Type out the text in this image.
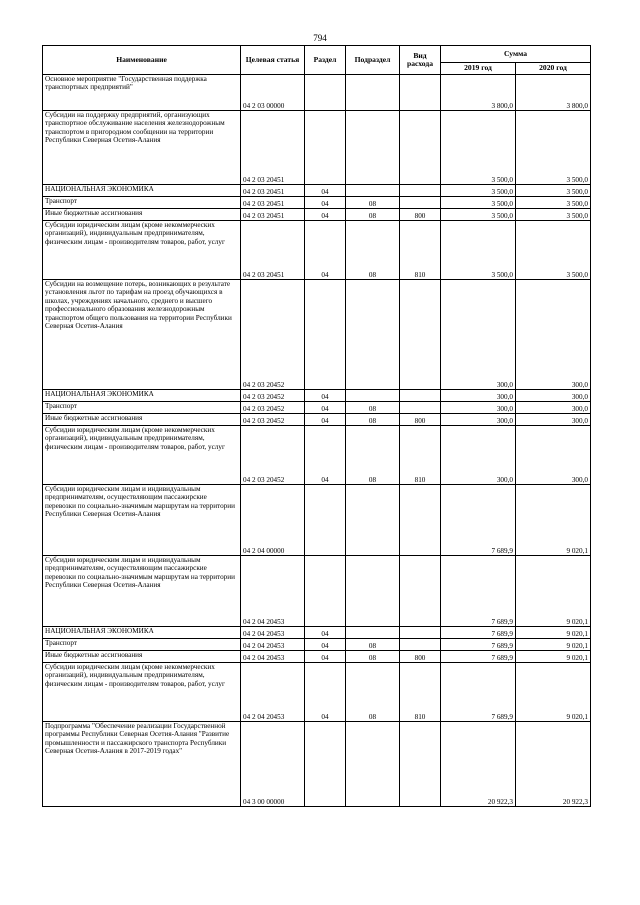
794
Наименование	Целевая статья	Раздел	Подраздел	Вид расхода	Сумма	
					2019 год	2020 год
Основное мероприятие "Государственная поддержка транспортных предприятий"	04 2 03 00000				3 800,0	3 800,0
Субсидии на поддержку предприятий, организующих транспортное обслуживание населения железнодорожным транспортом в пригородном сообщении на территории Республики Северная Осетия-Алания	04 2 03 20451				3 500,0	3 500,0
НАЦИОНАЛЬНАЯ ЭКОНОМИКА	04 2 03 20451	04			3 500,0	3 500,0
Транспорт	04 2 03 20451	04	08		3 500,0	3 500,0
Иные бюджетные ассигнования	04 2 03 20451	04	08	800	3 500,0	3 500,0
Субсидии юридическим лицам (кроме некоммерческих организаций), индивидуальным предпринимателям, физическим лицам - производителям товаров, работ, услуг	04 2 03 20451	04	08	810	3 500,0	3 500,0
Субсидии на возмещение потерь, возникающих в результате установления льгот по тарифам на проезд обучающихся в школах, учреждениях начального, среднего и высшего профессионального образования железнодорожным транспортом общего пользования на территории Республики Северная Осетия-Алания	04 2 03 20452				300,0	300,0
НАЦИОНАЛЬНАЯ ЭКОНОМИКА	04 2 03 20452	04			300,0	300,0
Транспорт	04 2 03 20452	04	08		300,0	300,0
Иные бюджетные ассигнования	04 2 03 20452	04	08	800	300,0	300,0
Субсидии юридическим лицам (кроме некоммерческих организаций), индивидуальным предпринимателям, физическим лицам - производителям товаров, работ, услуг	04 2 03 20452	04	08	810	300,0	300,0
Субсидии юридическим лицам и индивидуальным предпринимателям, осуществляющим пассажирские перевозки по социально-значимым маршрутам на территории Республики Северная Осетия-Алания	04 2 04 00000				7 689,9	9 020,1
Субсидии юридическим лицам и индивидуальным предпринимателям, осуществляющим пассажирские перевозки по социально-значимым маршрутам на территории Республики Северная Осетия-Алания	04 2 04 20453				7 689,9	9 020,1
НАЦИОНАЛЬНАЯ ЭКОНОМИКА	04 2 04 20453	04			7 689,9	9 020,1
Транспорт	04 2 04 20453	04	08		7 689,9	9 020,1
Иные бюджетные ассигнования	04 2 04 20453	04	08	800	7 689,9	9 020,1
Субсидии юридическим лицам (кроме некоммерческих организаций), индивидуальным предпринимателям, физическим лицам - производителям товаров, работ, услуг	04 2 04 20453	04	08	810	7 689,9	9 020,1
Подпрограмма "Обеспечение реализации Государственной программы Республики Северная Осетия-Алания "Развитие промышленности и пассажирского транспорта Республики Северная Осетия-Алания в 2017-2019 годах"	04 3 00 00000				20 922,3	20 922,3
